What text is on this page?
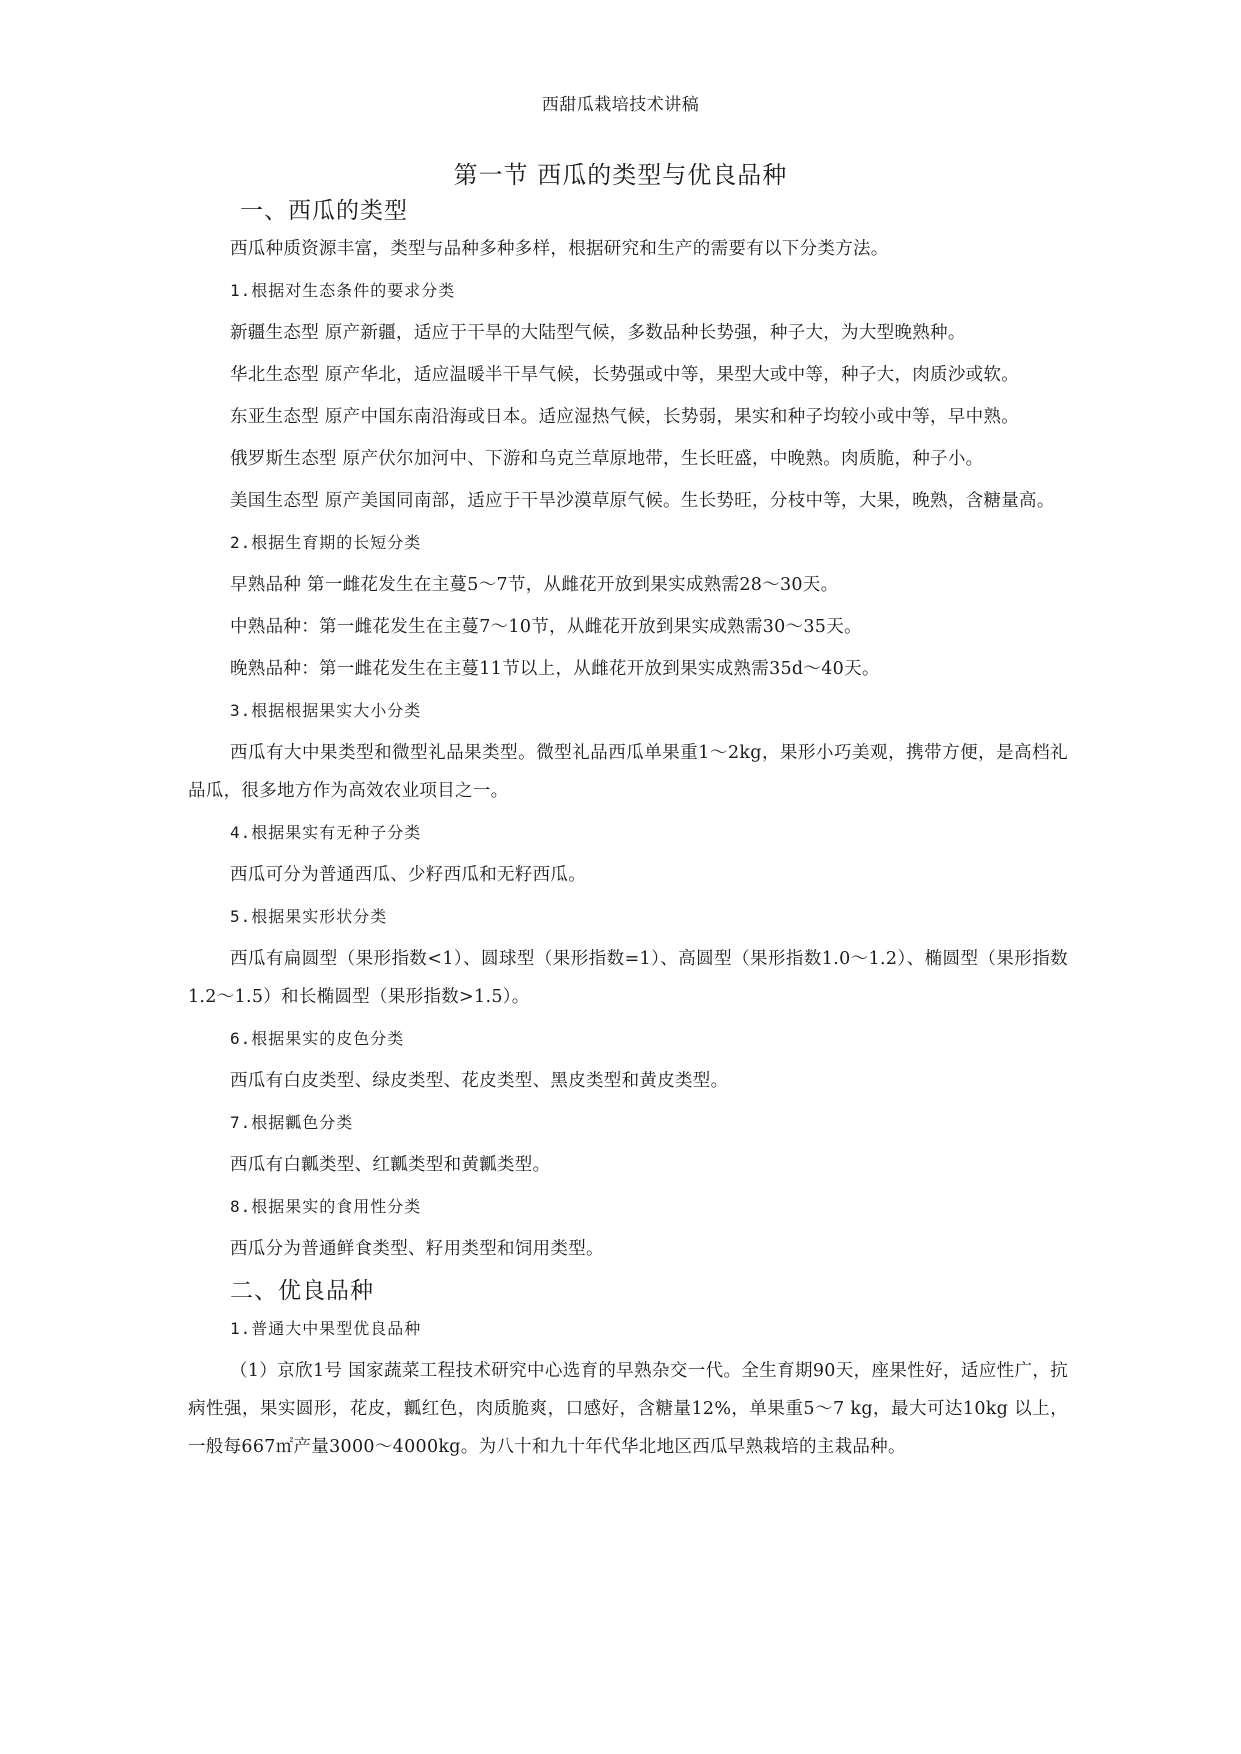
西甜瓜栽培技术讲稿
第一节 西瓜的类型与优良品种
一、西瓜的类型

西瓜种质资源丰富，类型与品种多种多样，根据研究和生产的需要有以下分类方法。

1.根据对生态条件的要求分类

新疆生态型 原产新疆，适应于干旱的大陆型气候，多数品种长势强，种子大，为大型晚熟种。

华北生态型 原产华北，适应温暖半干旱气候，长势强或中等，果型大或中等，种子大，肉质沙或软。

东亚生态型 原产中国东南沿海或日本。适应湿热气候，长势弱，果实和种子均较小或中等，早中熟。

俄罗斯生态型 原产伏尔加河中、下游和乌克兰草原地带，生长旺盛，中晚熟。肉质脆，种子小。

美国生态型 原产美国同南部，适应于干旱沙漠草原气候。生长势旺，分枝中等，大果，晚熟，含糖量高。

2.根据生育期的长短分类

早熟品种 第一雌花发生在主蔓5～7节，从雌花开放到果实成熟需28～30天。

中熟品种：第一雌花发生在主蔓7～10节，从雌花开放到果实成熟需30～35天。

晚熟品种：第一雌花发生在主蔓11节以上，从雌花开放到果实成熟需35d～40天。

3.根据根据果实大小分类

西瓜有大中果类型和微型礼品果类型。微型礼品西瓜单果重1～2kg，果形小巧美观，携带方便，是高档礼品瓜，很多地方作为高效农业项目之一。

4.根据果实有无种子分类

西瓜可分为普通西瓜、少籽西瓜和无籽西瓜。

5.根据果实形状分类

西瓜有扁圆型（果形指数<1）、圆球型（果形指数=1）、高圆型（果形指数1.0～1.2）、椭圆型（果形指数1.2～1.5）和长椭圆型（果形指数>1.5）。

6.根据果实的皮色分类

西瓜有白皮类型、绿皮类型、花皮类型、黑皮类型和黄皮类型。

7.根据瓤色分类

西瓜有白瓤类型、红瓤类型和黄瓤类型。

8.根据果实的食用性分类

西瓜分为普通鲜食类型、籽用类型和饲用类型。

二、优良品种

1.普通大中果型优良品种

（1）京欣1号 国家蔬菜工程技术研究中心选育的早熟杂交一代。全生育期90天，座果性好，适应性广，抗病性强，果实圆形，花皮，瓤红色，肉质脆爽，口感好，含糖量12%，单果重5～7 kg，最大可达10kg 以上，一般每667㎡产量3000～4000kg。为八十和九十年代华北地区西瓜早熟栽培的主栽品种。
